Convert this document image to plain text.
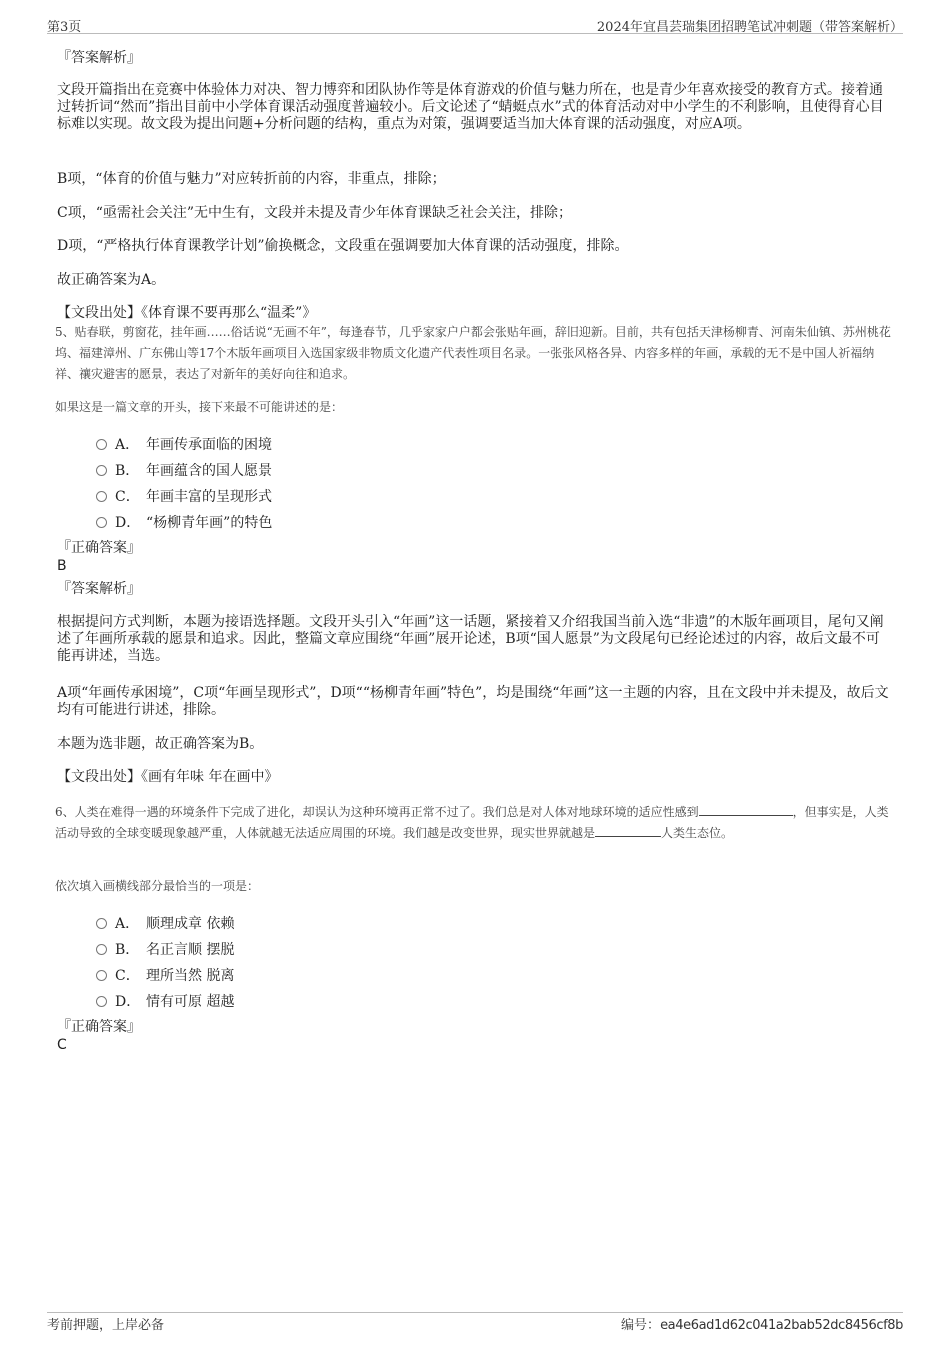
第3页	2024年宜昌芸瑞集团招聘笔试冲刺题（带答案解析）
『答案解析』
文段开篇指出在竞赛中体验体力对决、智力博弈和团队协作等是体育游戏的价值与魅力所在，也是青少年喜欢接受的教育方式。接着通过转折词“然而”指出目前中小学体育课活动强度普遍较小。后文论述了“蜻蜓点水”式的体育活动对中小学生的不利影响，且使得育心目标难以实现。故文段为提出问题+分析问题的结构，重点为对策，强调要适当加大体育课的活动强度，对应A项。
B项，“体育的价值与魅力”对应转折前的内容，非重点，排除；
C项，“亟需社会关注”无中生有，文段并未提及青少年体育课缺乏社会关注，排除；
D项，“严格执行体育课教学计划”偷换概念，文段重在强调要加大体育课的活动强度，排除。
故正确答案为A。
【文段出处】《体育课不要再那么“温柔”》
5、贴春联，剪窗花，挂年画……俗话说“无画不年”，每逢春节，几乎家家户户都会张贴年画，辞旧迎新。目前，共有包括天津杨柳青、河南朱仙镇、苏州桃花坞、福建漳州、广东佛山等17个木版年画项目入选国家级非物质文化遗产代表性项目名录。一张张风格各异、内容多样的年画，承载的无不是中国人祈福纳祥、禳灾避害的愿景，表达了对新年的美好向往和追求。
如果这是一篇文章的开头，接下来最不可能讲述的是：
A． 年画传承面临的困境
B． 年画蕴含的国人愿景
C． 年画丰富的呈现形式
D． “杨柳青年画”的特色
『正确答案』
B
『答案解析』
根据提问方式判断，本题为接语选择题。文段开头引入“年画”这一话题，紧接着又介绍我国当前入选“非遗”的木版年画项目，尾句又阐述了年画所承载的愿景和追求。因此，整篇文章应围绕“年画”展开论述，B项“国人愿景”为文段尾句已经论述过的内容，故后文最不可能再讲述，当选。
A项“年画传承困境”，C项“年画呈现形式”，D项““杨柳青年画”特色”，均是围绕“年画”这一主题的内容，且在文段中并未提及，故后文均有可能进行讲述，排除。
本题为选非题，故正确答案为B。
【文段出处】《画有年味 年在画中》
6、人类在难得一遇的环境条件下完成了进化，却误认为这种环境再正常不过了。我们总是对人体对地球环境的适应性感到	，但事实是，人类活动导致的全球变暖现象越严重，人体就越无法适应周围的环境。我们越是改变世界，现实世界就越是	人类生态位。
依次填入画横线部分最恰当的一项是：
A． 顺理成章 依赖
B． 名正言顺 摆脱
C． 理所当然 脱离
D． 情有可原 超越
『正确答案』
C
考前押题，上岸必备	编号：ea4e6ad1d62c041a2bab52dc8456cf8b
